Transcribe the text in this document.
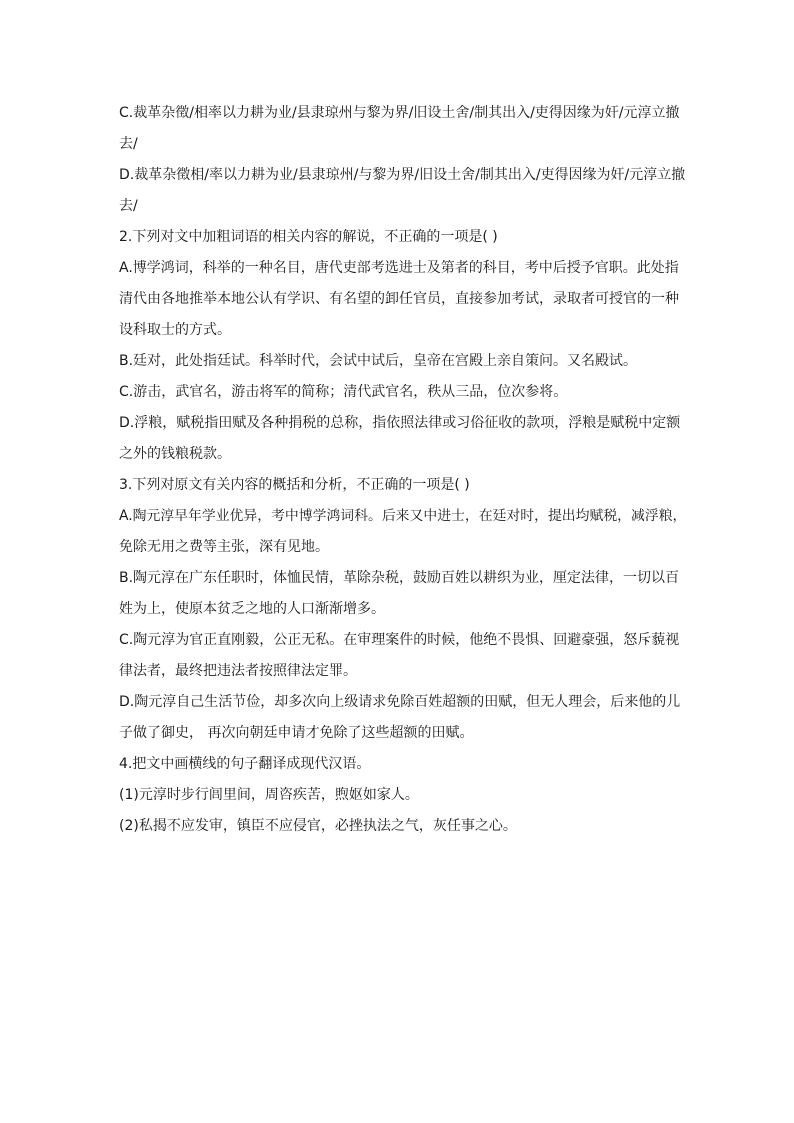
C.裁革杂徵/相率以力耕为业/县隶琼州与黎为界/旧设土舍/制其出入/吏得因缘为奸/元淳立撤
去/
D.裁革杂徵相/率以力耕为业/县隶琼州/与黎为界/旧设土舍/制其出入/吏得因缘为奸/元淳立撤
去/
2.下列对文中加粗词语的相关内容的解说，不正确的一项是( )
A.博学鸿词，科举的一种名目，唐代吏部考选进士及第者的科目，考中后授予官职。此处指
清代由各地推举本地公认有学识、有名望的卸任官员，直接参加考试，录取者可授官的一种
设科取士的方式。
B.廷对，此处指廷试。科举时代，会试中试后，皇帝在宫殿上亲自策问。又名殿试。
C.游击，武官名，游击将军的简称；清代武官名，秩从三品，位次参将。
D.浮粮，赋税指田赋及各种捐税的总称，指依照法律或习俗征收的款项，浮粮是赋税中定额
之外的钱粮税款。
3.下列对原文有关内容的概括和分析，不正确的一项是( )
A.陶元淳早年学业优异，考中博学鸿词科。后来又中进士，在廷对时，提出均赋税，减浮粮，
免除无用之费等主张，深有见地。
B.陶元淳在广东任职时，体恤民情，革除杂税，鼓励百姓以耕织为业，厘定法律，一切以百
姓为上，使原本贫乏之地的人口渐渐增多。
C.陶元淳为官正直刚毅，公正无私。在审理案件的时候，他绝不畏惧、回避豪强，怒斥藐视
律法者，最终把违法者按照律法定罪。
D.陶元淳自己生活节俭，却多次向上级请求免除百姓超额的田赋，但无人理会，后来他的儿
子做了御史， 再次向朝廷申请才免除了这些超额的田赋。
4.把文中画横线的句子翻译成现代汉语。
(1)元淳时步行闾里间，周咨疾苦，煦妪如家人。
(2)私揭不应发审，镇臣不应侵官，必挫执法之气，灰任事之心。
